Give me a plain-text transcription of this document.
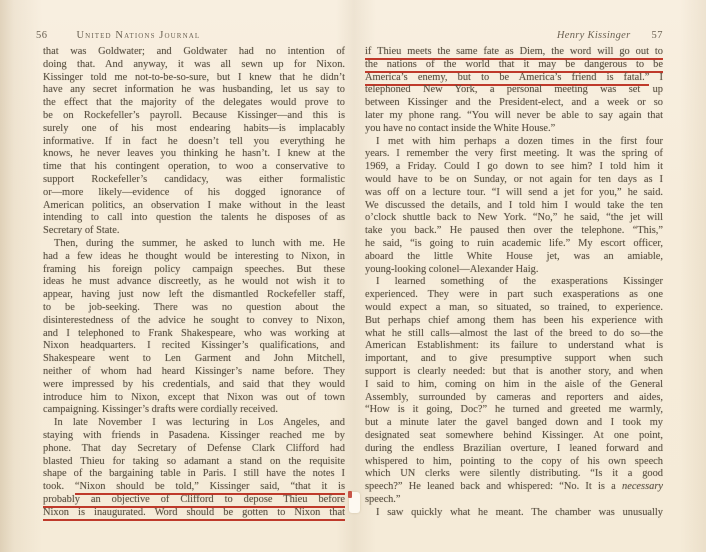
56	United Nations Journal	Henry Kissinger 57
that was Goldwater; and Goldwater had no intention of
doing that. And anyway, it was all sewn up for Nixon.
Kissinger told me not-to-be-so-sure, but I knew that he didn’t
have any secret information he was husbanding, let us say to
the effect that the majority of the delegates would prove to
be on Rockefeller’s payroll. Because Kissinger—and this is
surely one of his most endearing habits—is implacably
informative. If in fact he doesn’t tell you everything he
knows, he never leaves you thinking he hasn’t. I knew at the
time that his contingent operation, to woo a conservative to
support Rockefeller’s candidacy, was either formalistic
or—more likely—evidence of his dogged ignorance of
American politics, an observation I make without in the least
intending to call into question the talents he disposes of as
Secretary of State.
Then, during the summer, he asked to lunch with me. He
had a few ideas he thought would be interesting to Nixon, in
framing his foreign policy campaign speeches. But these
ideas he must advance discreetly, as he would not wish it to
appear, having just now left the dismantled Rockefeller staff,
to be job-seeking. There was no question about the
disinterestedness of the advice he sought to convey to Nixon,
and I telephoned to Frank Shakespeare, who was working at
Nixon headquarters. I recited Kissinger’s qualifications, and
Shakespeare went to Len Garment and John Mitchell,
neither of whom had heard Kissinger’s name before. They
were impressed by his credentials, and said that they would
introduce him to Nixon, except that Nixon was out of town
campaigning. Kissinger’s drafts were cordially received.
In late November I was lecturing in Los Angeles, and
staying with friends in Pasadena. Kissinger reached me by
phone. That day Secretary of Defense Clark Clifford had
blasted Thieu for taking so adamant a stand on the requisite
shape of the bargaining table in Paris. I still have the notes I
took. “Nixon should be told,” Kissinger said, “that it is
probably an objective of Clifford to depose Thieu before
Nixon is inaugurated. Word should be gotten to Nixon that
if Thieu meets the same fate as Diem, the word will go out to
the nations of the world that it may be dangerous to be
America’s enemy, but to be America’s friend is fatal.” I
telephoned New York, a personal meeting was set up
between Kissinger and the President-elect, and a week or so
later my phone rang. “You will never be able to say again that
you have no contact inside the White House.”
I met with him perhaps a dozen times in the first four
years. I remember the very first meeting. It was the spring of
1969, a Friday. Could I go down to see him? I told him it
would have to be on Sunday, or not again for ten days as I
was off on a lecture tour. “I will send a jet for you,” he said.
We discussed the details, and I told him I would take the ten
o’clock shuttle back to New York. “No,” he said, “the jet will
take you back.” He paused then over the telephone. “This,”
he said, “is going to ruin academic life.” My escort officer,
aboard the little White House jet, was an amiable,
young-looking colonel—Alexander Haig.
I learned something of the exasperations Kissinger
experienced. They were in part such exasperations as one
would expect a man, so situated, so trained, to experience.
But perhaps chief among them has been his experience with
what he still calls—almost the last of the breed to do so—the
American Establishment: its failure to understand what is
important, and to give presumptive support when such
support is clearly needed: but that is another story, and when
I said to him, coming on him in the aisle of the General
Assembly, surrounded by cameras and reporters and aides,
“How is it going, Doc?” he turned and greeted me warmly,
but a minute later the gavel banged down and I took my
designated seat somewhere behind Kissinger. At one point,
during the endless Brazilian overture, I leaned forward and
whispered to him, pointing to the copy of his own speech
which UN clerks were silently distributing. “Is it a good
speech?” He leaned back and whispered: “No. It is a necessary
speech.”
I saw quickly what he meant. The chamber was unusually
